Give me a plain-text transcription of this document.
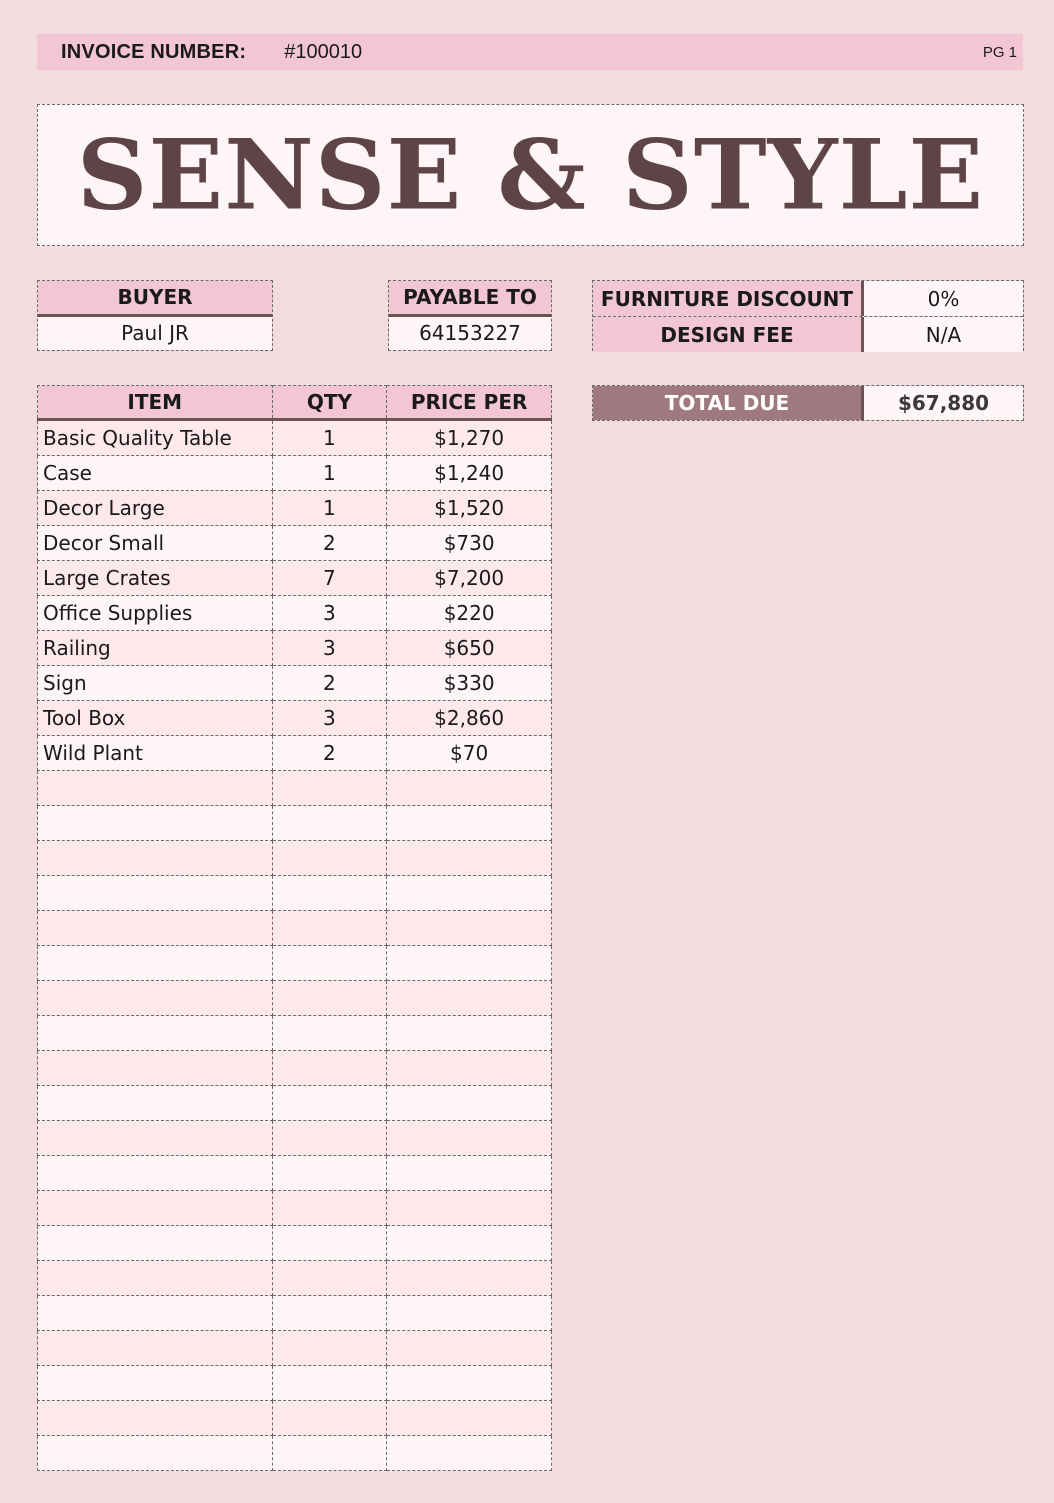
INVOICE NUMBER: #100010	PG 1
SENSE & STYLE
BUYER
Paul JR
PAYABLE TO
64153227
FURNITURE DISCOUNT	0%
DESIGN FEE	N/A
TOTAL DUE	$67,880
ITEM	QTY	PRICE PER
Basic Quality Table	1	$1,270
Case	1	$1,240
Decor Large	1	$1,520
Decor Small	2	$730
Large Crates	7	$7,200
Office Supplies	3	$220
Railing	3	$650
Sign	2	$330
Tool Box	3	$2,860
Wild Plant	2	$70
